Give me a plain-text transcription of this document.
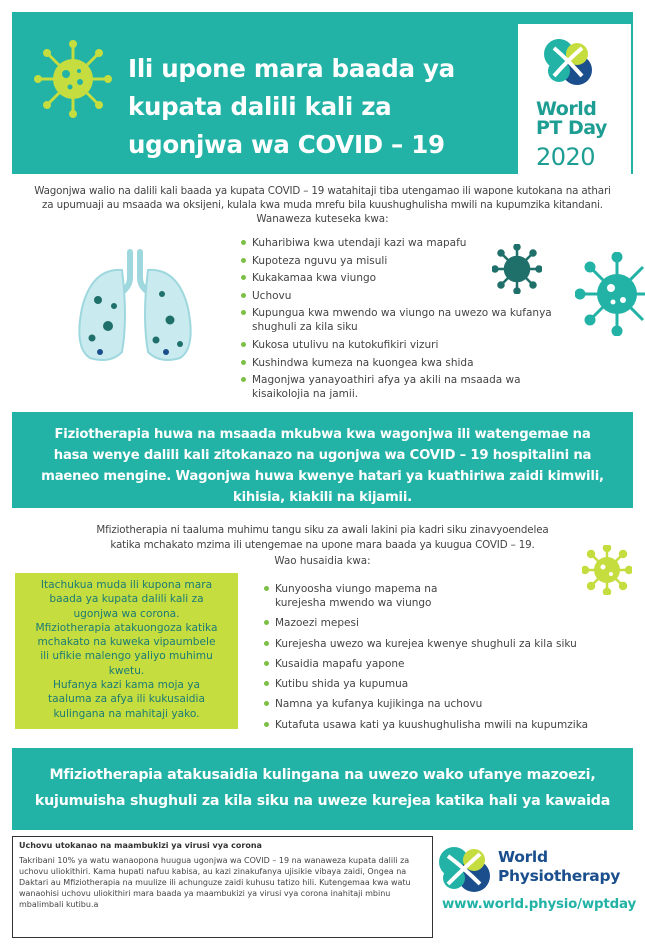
Ili upone mara baada ya
kupata dalili kali za
ugonjwa wa COVID – 19
World
PT Day
2020
Wagonjwa walio na dalili kali baada ya kupata COVID – 19 watahitaji tiba utengamao ili wapone kutokana na athari
za upumuaji au msaada wa oksijeni, kulala kwa muda mrefu bila kuushughulisha mwili na kupumzika kitandani.
Wanaweza kuteseka kwa:
Kuharibiwa kwa utendaji kazi wa mapafu
Kupoteza nguvu ya misuli
Kukakamaa kwa viungo
Uchovu
Kupungua kwa mwendo wa viungo na uwezo wa kufanya shughuli za kila siku
Kukosa utulivu na kutokufikiri vizuri
Kushindwa kumeza na kuongea kwa shida
Magonjwa yanayoathiri afya ya akili na msaada wa kisaikolojia na jamii.
Fiziotherapia huwa na msaada mkubwa kwa wagonjwa ili watengemae na
hasa wenye dalili kali zitokanazo na ugonjwa wa COVID – 19 hospitalini na
maeneo mengine. Wagonjwa huwa kwenye hatari ya kuathiriwa zaidi kimwili,
kihisia, kiakili na kijamii.
Mfiziotherapia ni taaluma muhimu tangu siku za awali lakini pia kadri siku zinavyoendelea
katika mchakato mzima ili utengemae na upone mara baada ya kuugua COVID – 19.
Wao husaidia kwa:
Itachukua muda ili kupona mara
baada ya kupata dalili kali za
ugonjwa wa corona.
Mfiziotherapia atakuongoza katika
mchakato na kuweka vipaumbele
ili ufikie malengo yaliyo muhimu
kwetu.
Hufanya kazi kama moja ya
taaluma za afya ili kukusaidia
kulingana na mahitaji yako.
Kunyoosha viungo mapema na kurejesha mwendo wa viungo
Mazoezi mepesi
Kurejesha uwezo wa kurejea kwenye shughuli za kila siku
Kusaidia mapafu yapone
Kutibu shida ya kupumua
Namna ya kufanya kujikinga na uchovu
Kutafuta usawa kati ya kuushughulisha mwili na kupumzika
Mfiziotherapia atakusaidia kulingana na uwezo wako ufanye mazoezi,
kujumuisha shughuli za kila siku na uweze kurejea katika hali ya kawaida
Uchovu utokanao na maambukizi ya virusi vya corona
Takribani 10% ya watu wanaopona huugua ugonjwa wa COVID – 19 na wanaweza kupata dalili za uchovu uliokithiri. Kama hupati nafuu kabisa, au kazi zinakufanya ujisikie vibaya zaidi, Ongea na Daktari au Mfiziotherapia na muulize ili achunguze zaidi kuhusu tatizo hili. Kutengemaa kwa watu wanaohisi uchovu uliokithiri mara baada ya maambukizi ya virusi vya corona inahitaji mbinu mbalimbali kutibu.a
World
Physiotherapy
www.world.physio/wptday
